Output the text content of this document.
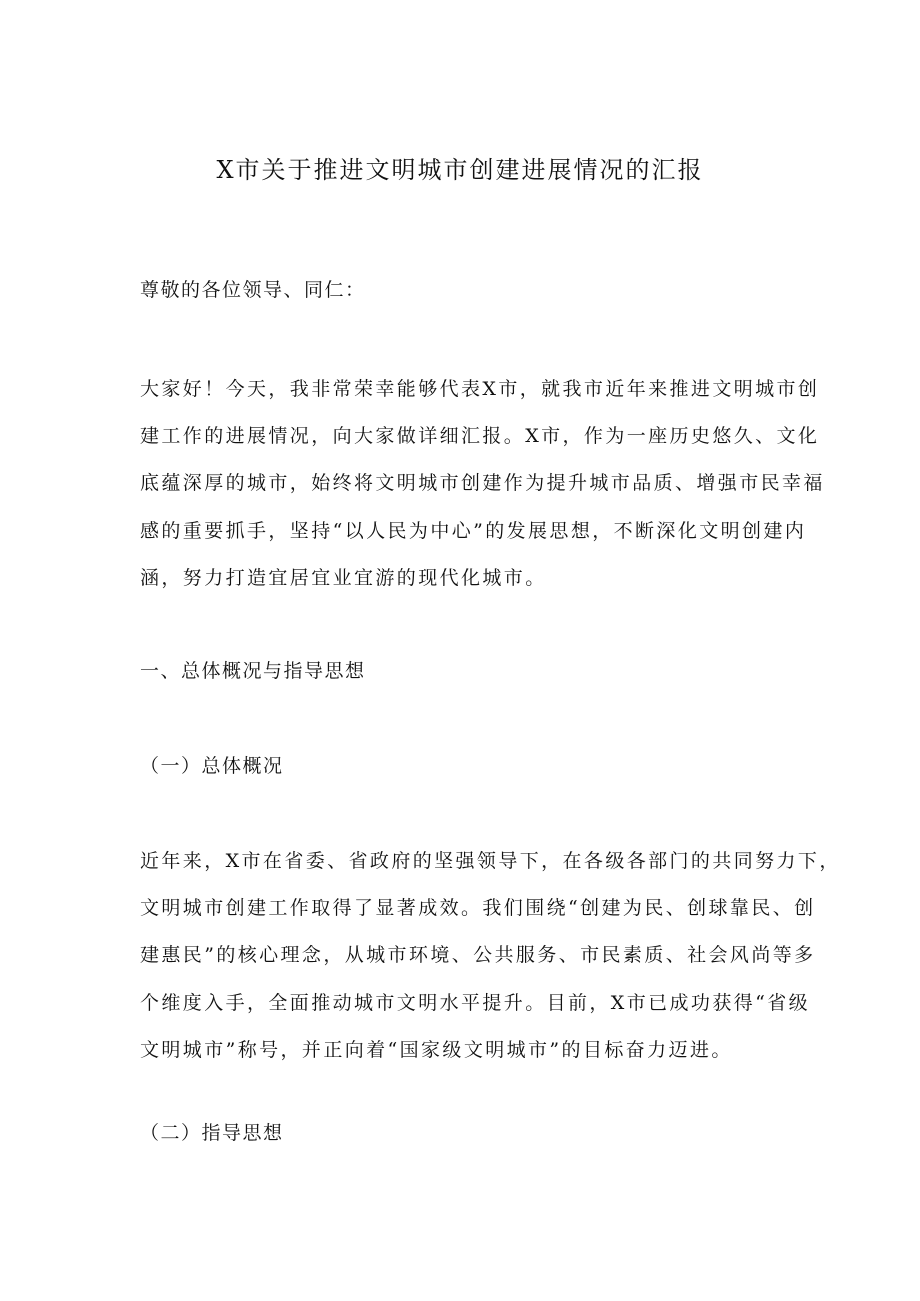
X市关于推进文明城市创建进展情况的汇报
尊敬的各位领导、同仁：

大家好！今天，我非常荣幸能够代表X市，就我市近年来推进文明城市创

建工作的进展情况，向大家做详细汇报。X市，作为一座历史悠久、文化

底蕴深厚的城市，始终将文明城市创建作为提升城市品质、增强市民幸福

感的重要抓手，坚持“以人民为中心”的发展思想，不断深化文明创建内

涵，努力打造宜居宜业宜游的现代化城市。

一、总体概况与指导思想
（一）总体概况

近年来，X市在省委、省政府的坚强领导下，在各级各部门的共同努力下，

文明城市创建工作取得了显著成效。我们围绕“创建为民、创球靠民、创

建惠民”的核心理念，从城市环境、公共服务、市民素质、社会风尚等多

个维度入手，全面推动城市文明水平提升。目前，X市已成功获得“省级

文明城市”称号，并正向着“国家级文明城市”的目标奋力迈进。

（二）指导思想
